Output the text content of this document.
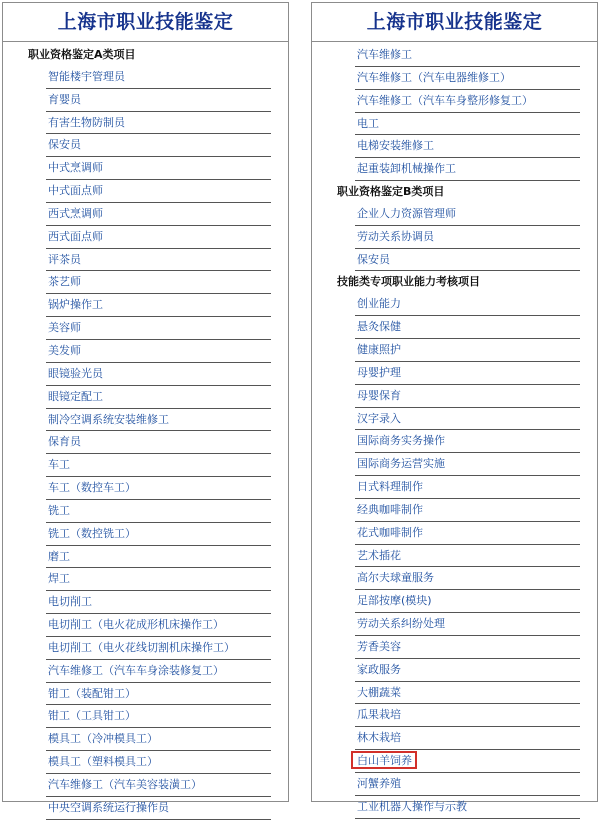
上海市职业技能鉴定
职业资格鉴定A类项目
智能楼宇管理员
育婴员
有害生物防制员
保安员
中式烹调师
中式面点师
西式烹调师
西式面点师
评茶员
茶艺师
锅炉操作工
美容师
美发师
眼镜验光员
眼镜定配工
制冷空调系统安装维修工
保育员
车工
车工（数控车工）
铣工
铣工（数控铣工）
磨工
焊工
电切削工
电切削工（电火花成形机床操作工）
电切削工（电火花线切割机床操作工）
汽车维修工（汽车车身涂装修复工）
钳工（装配钳工）
钳工（工具钳工）
模具工（冷冲模具工）
模具工（塑料模具工）
汽车维修工（汽车美容装潢工）
中央空调系统运行操作员
上海市职业技能鉴定
汽车维修工
汽车维修工（汽车电器维修工）
汽车维修工（汽车车身整形修复工）
电工
电梯安装维修工
起重装卸机械操作工
职业资格鉴定B类项目
企业人力资源管理师
劳动关系协调员
保安员
技能类专项职业能力考核项目
创业能力
悬灸保健
健康照护
母婴护理
母婴保育
汉字录入
国际商务实务操作
国际商务运营实施
日式料理制作
经典咖啡制作
花式咖啡制作
艺术插花
高尔夫球童服务
足部按摩(模块)
劳动关系纠纷处理
芳香美容
家政服务
大棚蔬菜
瓜果栽培
林木栽培
白山羊饲养
河蟹养殖
工业机器人操作与示教
